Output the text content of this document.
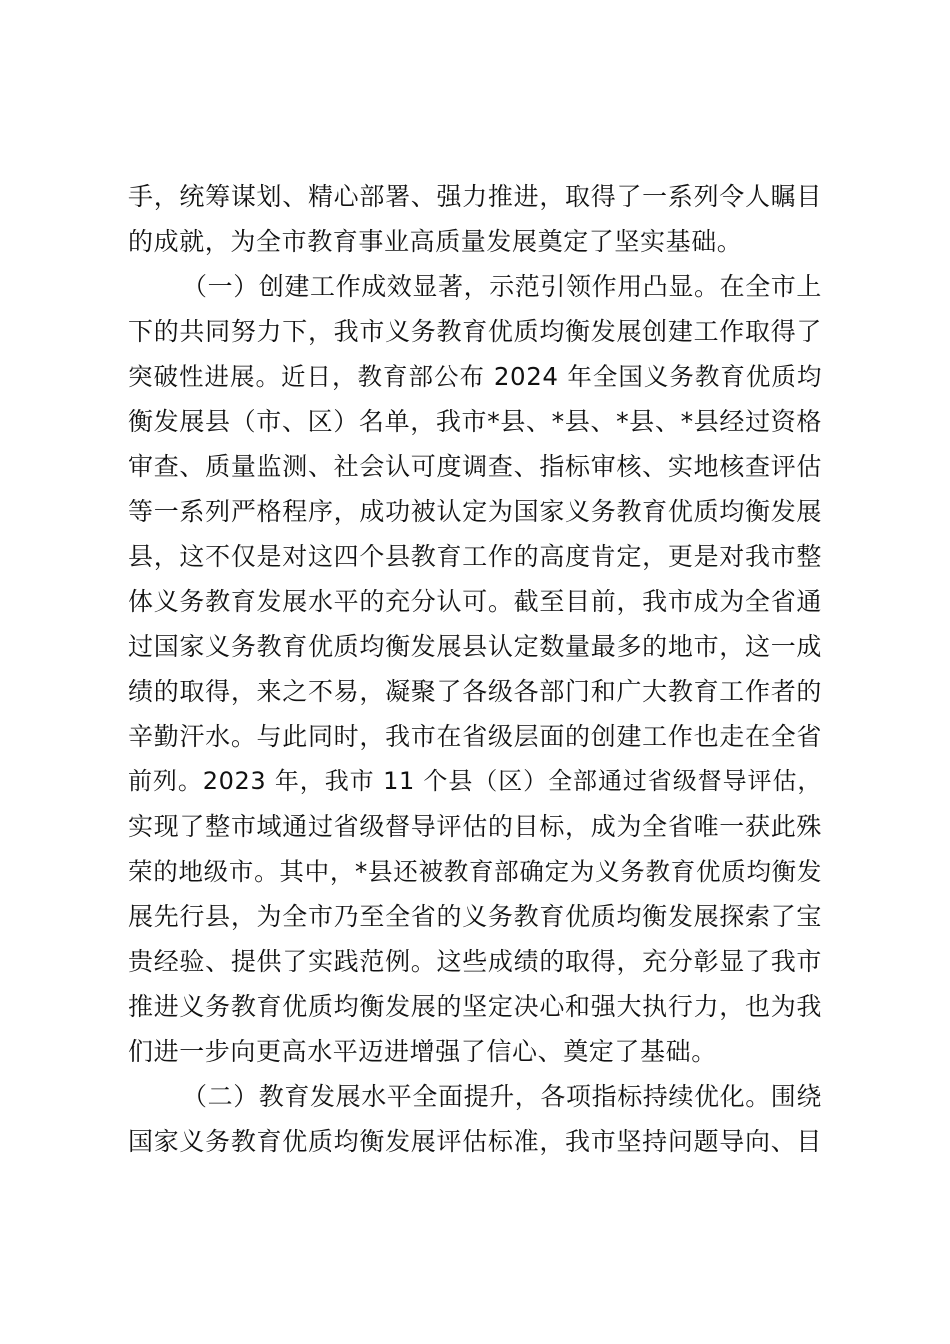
手，统筹谋划、精心部署、强力推进，取得了一系列令人瞩目
的成就，为全市教育事业高质量发展奠定了坚实基础。
（一）创建工作成效显著，示范引领作用凸显。在全市上
下的共同努力下，我市义务教育优质均衡发展创建工作取得了
突破性进展。近日，教育部公布 2024 年全国义务教育优质均
衡发展县（市、区）名单，我市*县、*县、*县、*县经过资格
审查、质量监测、社会认可度调查、指标审核、实地核查评估
等一系列严格程序，成功被认定为国家义务教育优质均衡发展
县，这不仅是对这四个县教育工作的高度肯定，更是对我市整
体义务教育发展水平的充分认可。截至目前，我市成为全省通
过国家义务教育优质均衡发展县认定数量最多的地市，这一成
绩的取得，来之不易，凝聚了各级各部门和广大教育工作者的
辛勤汗水。与此同时，我市在省级层面的创建工作也走在全省
前列。2023 年，我市 11 个县（区）全部通过省级督导评估，
实现了整市域通过省级督导评估的目标，成为全省唯一获此殊
荣的地级市。其中，*县还被教育部确定为义务教育优质均衡发
展先行县，为全市乃至全省的义务教育优质均衡发展探索了宝
贵经验、提供了实践范例。这些成绩的取得，充分彰显了我市
推进义务教育优质均衡发展的坚定决心和强大执行力，也为我
们进一步向更高水平迈进增强了信心、奠定了基础。
（二）教育发展水平全面提升，各项指标持续优化。围绕
国家义务教育优质均衡发展评估标准，我市坚持问题导向、目
